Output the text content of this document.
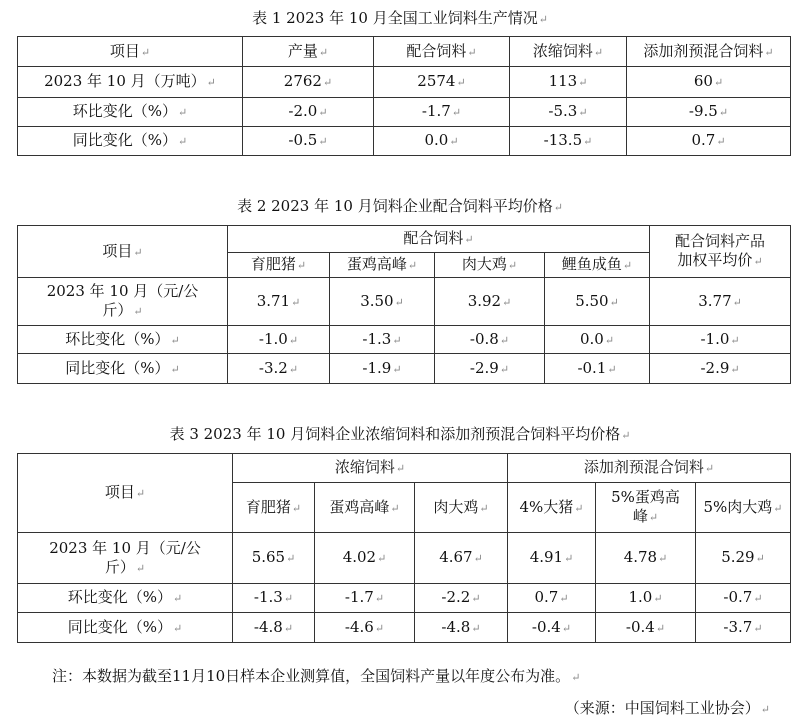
表 1 2023 年 10 月全国工业饲料生产情况↵
项目↵	产量↵	配合饲料↵	浓缩饲料↵	添加剂预混合饲料↵
2023 年 10 月（万吨）↵	2762↵	2574↵	113↵	60↵
环比变化（%）↵	-2.0↵	-1.7↵	-5.3↵	-9.5↵
同比变化（%）↵	-0.5↵	0.0↵	-13.5↵	0.7↵
表 2 2023 年 10 月饲料企业配合饲料平均价格↵
项目↵	配合饲料↵				配合饲料产品
加权平均价↵
	育肥猪↵	蛋鸡高峰↵	肉大鸡↵	鲤鱼成鱼↵	
2023 年 10 月（元/公
斤）↵	3.71↵	3.50↵	3.92↵	5.50↵	3.77↵
环比变化（%）↵	-1.0↵	-1.3↵	-0.8↵	0.0↵	-1.0↵
同比变化（%）↵	-3.2↵	-1.9↵	-2.9↵	-0.1↵	-2.9↵
表 3 2023 年 10 月饲料企业浓缩饲料和添加剂预混合饲料平均价格↵
项目↵	浓缩饲料↵			添加剂预混合饲料↵		
	育肥猪↵	蛋鸡高峰↵	肉大鸡↵	4%大猪↵	5%蛋鸡高
峰↵	5%肉大鸡↵
2023 年 10 月（元/公
斤）↵	5.65↵	4.02↵	4.67↵	4.91↵	4.78↵	5.29↵
环比变化（%）↵	-1.3↵	-1.7↵	-2.2↵	0.7↵	1.0↵	-0.7↵
同比变化（%）↵	-4.8↵	-4.6↵	-4.8↵	-0.4↵	-0.4↵	-3.7↵
注：本数据为截至11月10日样本企业测算值，全国饲料产量以年度公布为准。↵
（来源：中国饲料工业协会）↵
